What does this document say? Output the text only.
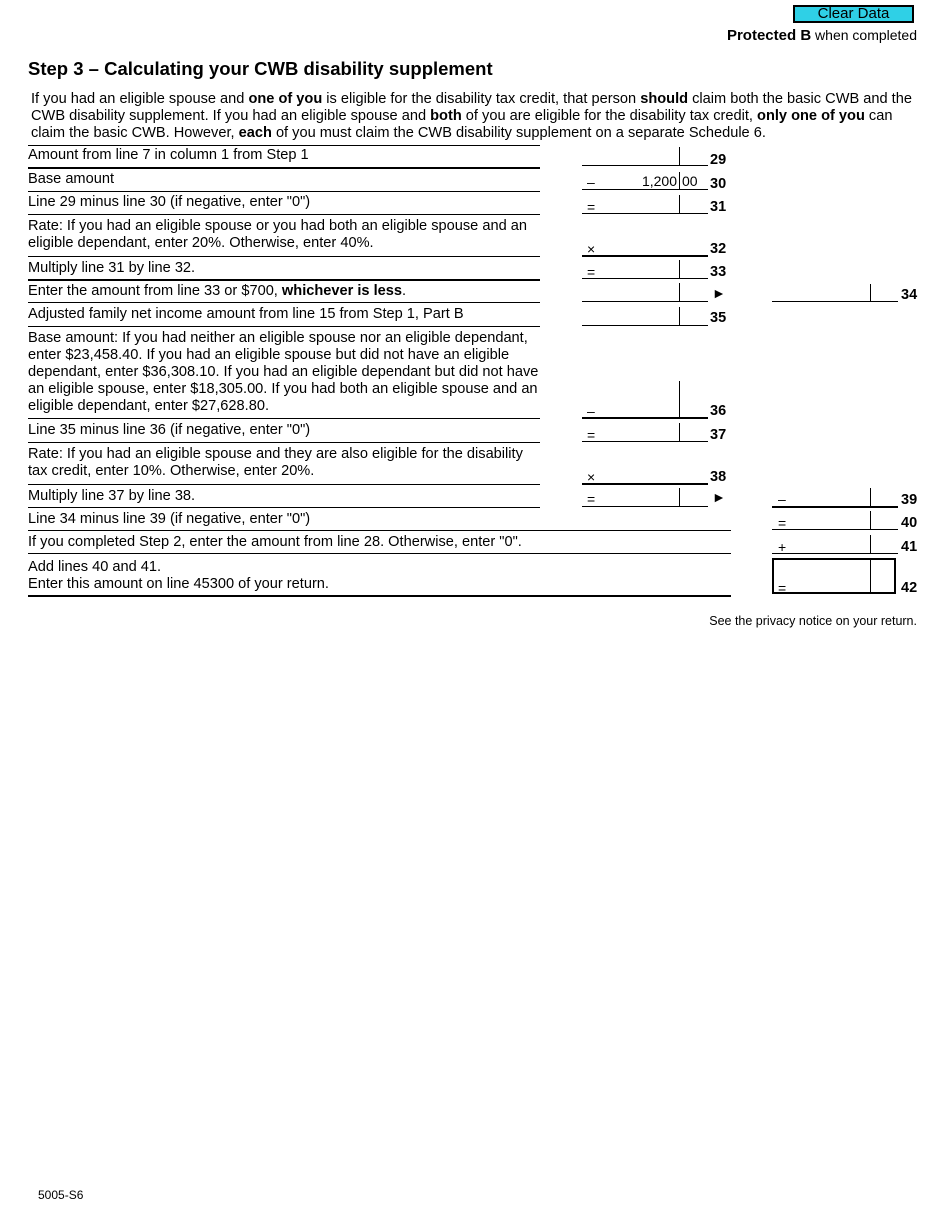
Clear Data
Protected B when completed
Step 3 – Calculating your CWB disability supplement
If you had an eligible spouse and one of you is eligible for the disability tax credit, that person should claim both the basic CWB and the CWB disability supplement. If you had an eligible spouse and both of you are eligible for the disability tax credit, only one of you can claim the basic CWB. However, each of you must claim the CWB disability supplement on a separate Schedule 6.
Amount from line 7 in column 1 from Step 1	29
Base amount	–	1,200 00 30
Line 29 minus line 30 (if negative, enter "0")	=	31
Rate: If you had an eligible spouse or you had both an eligible spouse and an eligible dependant, enter 20%. Otherwise, enter 40%.	×	32
Multiply line 31 by line 32.	=	33
Enter the amount from line 33 or $700, whichever is less.	►	34
Adjusted family net income amount from line 15 from Step 1, Part B	35
Base amount: If you had neither an eligible spouse nor an eligible dependant, enter $23,458.40. If you had an eligible spouse but did not have an eligible dependant, enter $36,308.10. If you had an eligible dependant but did not have an eligible spouse, enter $18,305.00. If you had both an eligible spouse and an eligible dependant, enter $27,628.80.	–	36
Line 35 minus line 36 (if negative, enter "0")	=	37
Rate: If you had an eligible spouse and they are also eligible for the disability tax credit, enter 10%. Otherwise, enter 20%.	×	38
Multiply line 37 by line 38.	=	►	–	39
Line 34 minus line 39 (if negative, enter "0")	=	40
If you completed Step 2, enter the amount from line 28. Otherwise, enter "0".	+	41
Add lines 40 and 41.
Enter this amount on line 45300 of your return.	=	42
See the privacy notice on your return.
5005-S6
